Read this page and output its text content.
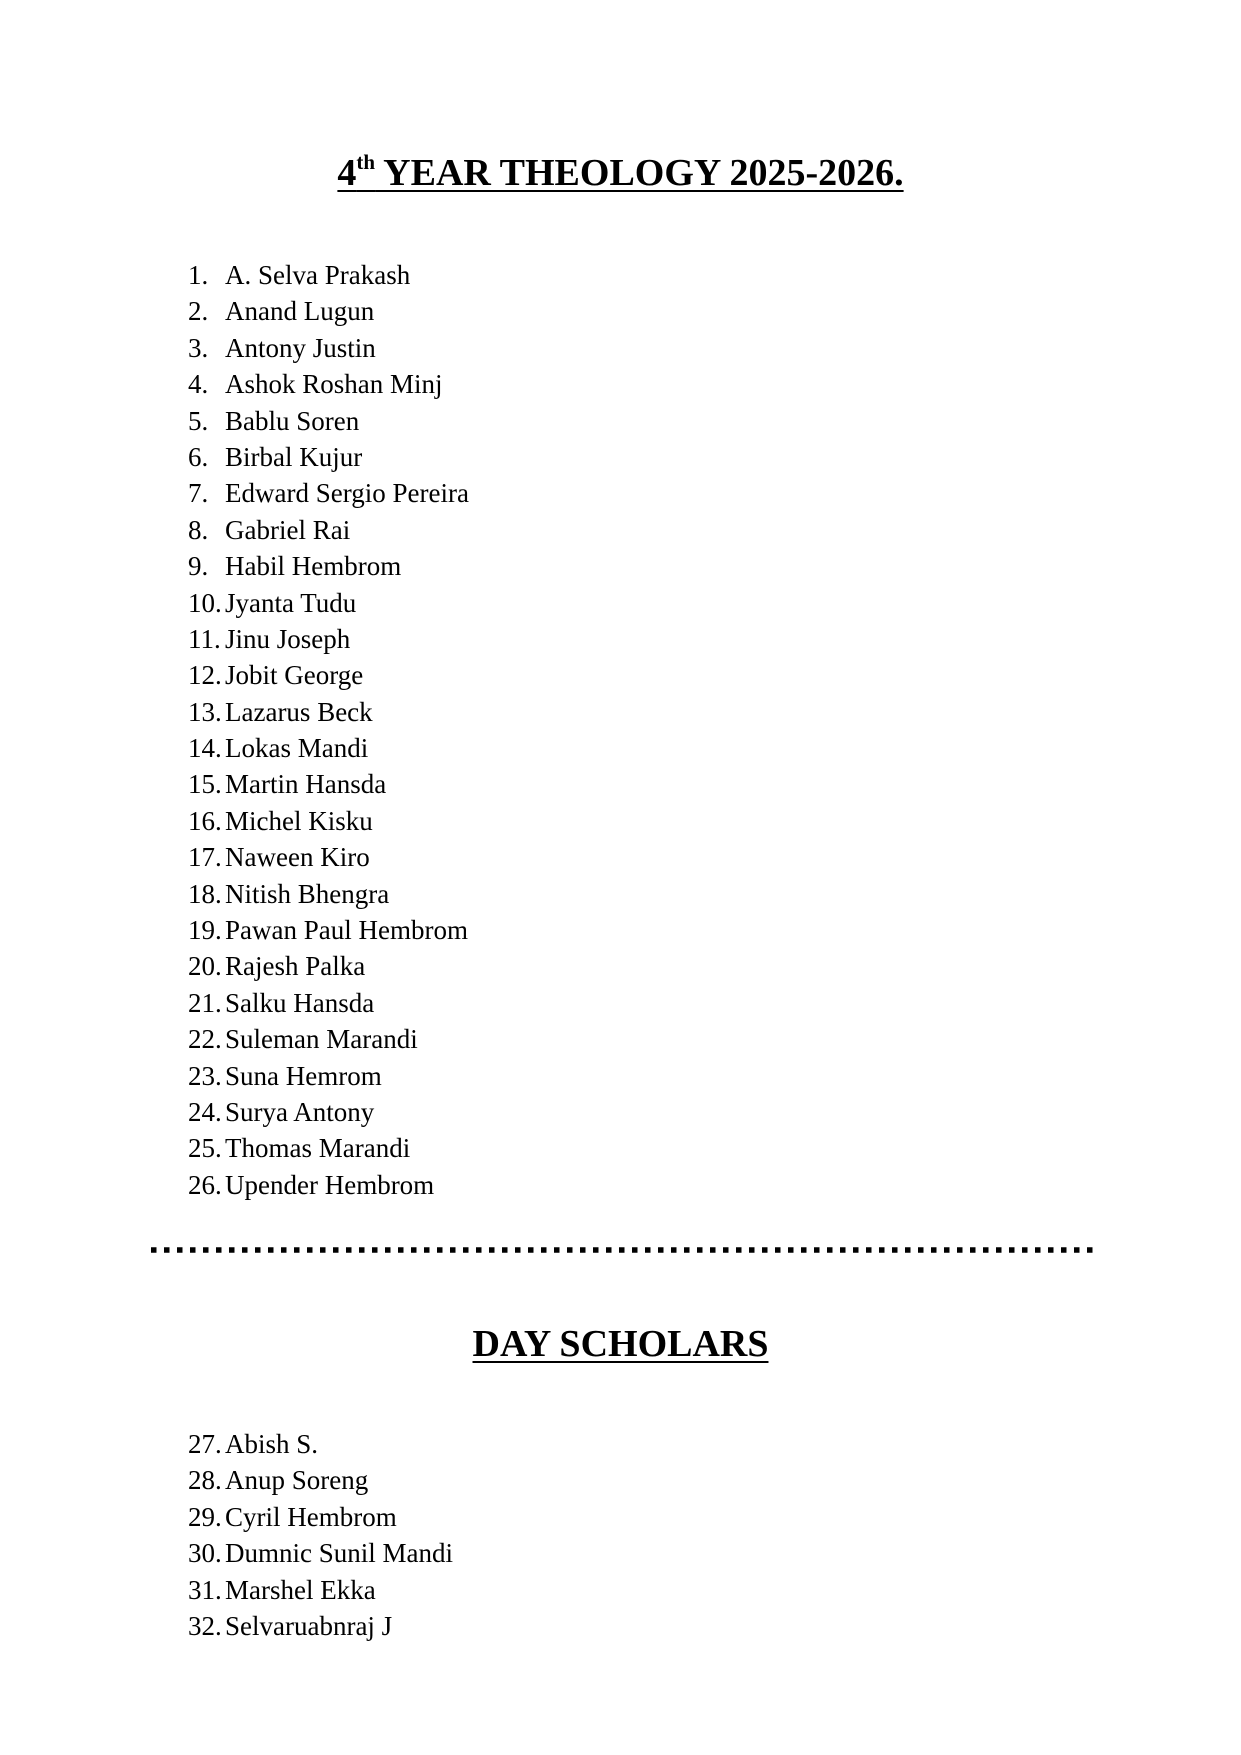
4th YEAR THEOLOGY 2025-2026.
1. A. Selva Prakash
2. Anand Lugun
3. Antony Justin
4. Ashok Roshan Minj
5. Bablu Soren
6. Birbal Kujur
7. Edward Sergio Pereira
8. Gabriel Rai
9. Habil Hembrom
10. Jyanta Tudu
11. Jinu Joseph
12. Jobit George
13. Lazarus Beck
14. Lokas Mandi
15. Martin Hansda
16. Michel Kisku
17. Naween Kiro
18. Nitish Bhengra
19. Pawan Paul Hembrom
20. Rajesh Palka
21. Salku Hansda
22. Suleman Marandi
23. Suna Hemrom
24. Surya Antony
25. Thomas Marandi
26. Upender Hembrom
DAY SCHOLARS
27. Abish S.
28. Anup Soreng
29. Cyril Hembrom
30. Dumnic Sunil Mandi
31. Marshel Ekka
32. Selvaruabnraj J
